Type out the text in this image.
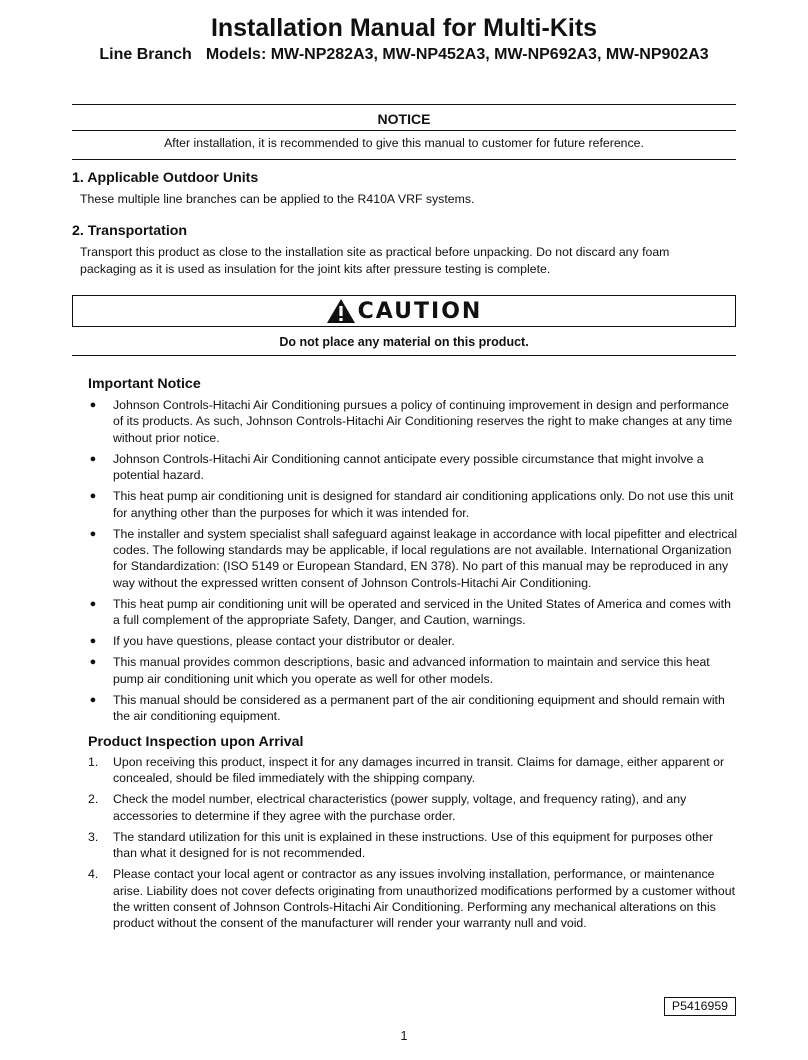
Installation Manual for Multi-Kits
Line Branch Models: MW-NP282A3, MW-NP452A3, MW-NP692A3, MW-NP902A3
NOTICE
After installation, it is recommended to give this manual to customer for future reference.
1. Applicable Outdoor Units
These multiple line branches can be applied to the R410A VRF systems.
2. Transportation
Transport this product as close to the installation site as practical before unpacking. Do not discard any foam
packaging as it is used as insulation for the joint kits after pressure testing is complete.
CAUTION
Do not place any material on this product.
Important Notice
● Johnson Controls-Hitachi Air Conditioning pursues a policy of continuing improvement in design and performance of its products. As such, Johnson Controls-Hitachi Air Conditioning reserves the right to make changes at any time without prior notice.
● Johnson Controls-Hitachi Air Conditioning cannot anticipate every possible circumstance that might involve a potential hazard.
● This heat pump air conditioning unit is designed for standard air conditioning applications only. Do not use this unit for anything other than the purposes for which it was intended for.
● The installer and system specialist shall safeguard against leakage in accordance with local pipefitter and electrical codes. The following standards may be applicable, if local regulations are not available. International Organization for Standardization: (ISO 5149 or European Standard, EN 378). No part of this manual may be reproduced in any way without the expressed written consent of Johnson Controls-Hitachi Air Conditioning.
● This heat pump air conditioning unit will be operated and serviced in the United States of America and comes with a full complement of the appropriate Safety, Danger, and Caution, warnings.
● If you have questions, please contact your distributor or dealer.
● This manual provides common descriptions, basic and advanced information to maintain and service this heat pump air conditioning unit which you operate as well for other models.
● This manual should be considered as a permanent part of the air conditioning equipment and should remain with the air conditioning equipment.
Product Inspection upon Arrival
1.	Upon receiving this product, inspect it for any damages incurred in transit. Claims for damage, either apparent or concealed, should be filed immediately with the shipping company.
2.	Check the model number, electrical characteristics (power supply, voltage, and frequency rating), and any accessories to determine if they agree with the purchase order.
3.	The standard utilization for this unit is explained in these instructions. Use of this equipment for purposes other than what it designed for is not recommended.
4.	Please contact your local agent or contractor as any issues involving installation, performance, or maintenance arise. Liability does not cover defects originating from unauthorized modifications performed by a customer without the written consent of Johnson Controls-Hitachi Air Conditioning. Performing any mechanical alterations on this product without the consent of the manufacturer will render your warranty null and void.
P5416959
1
